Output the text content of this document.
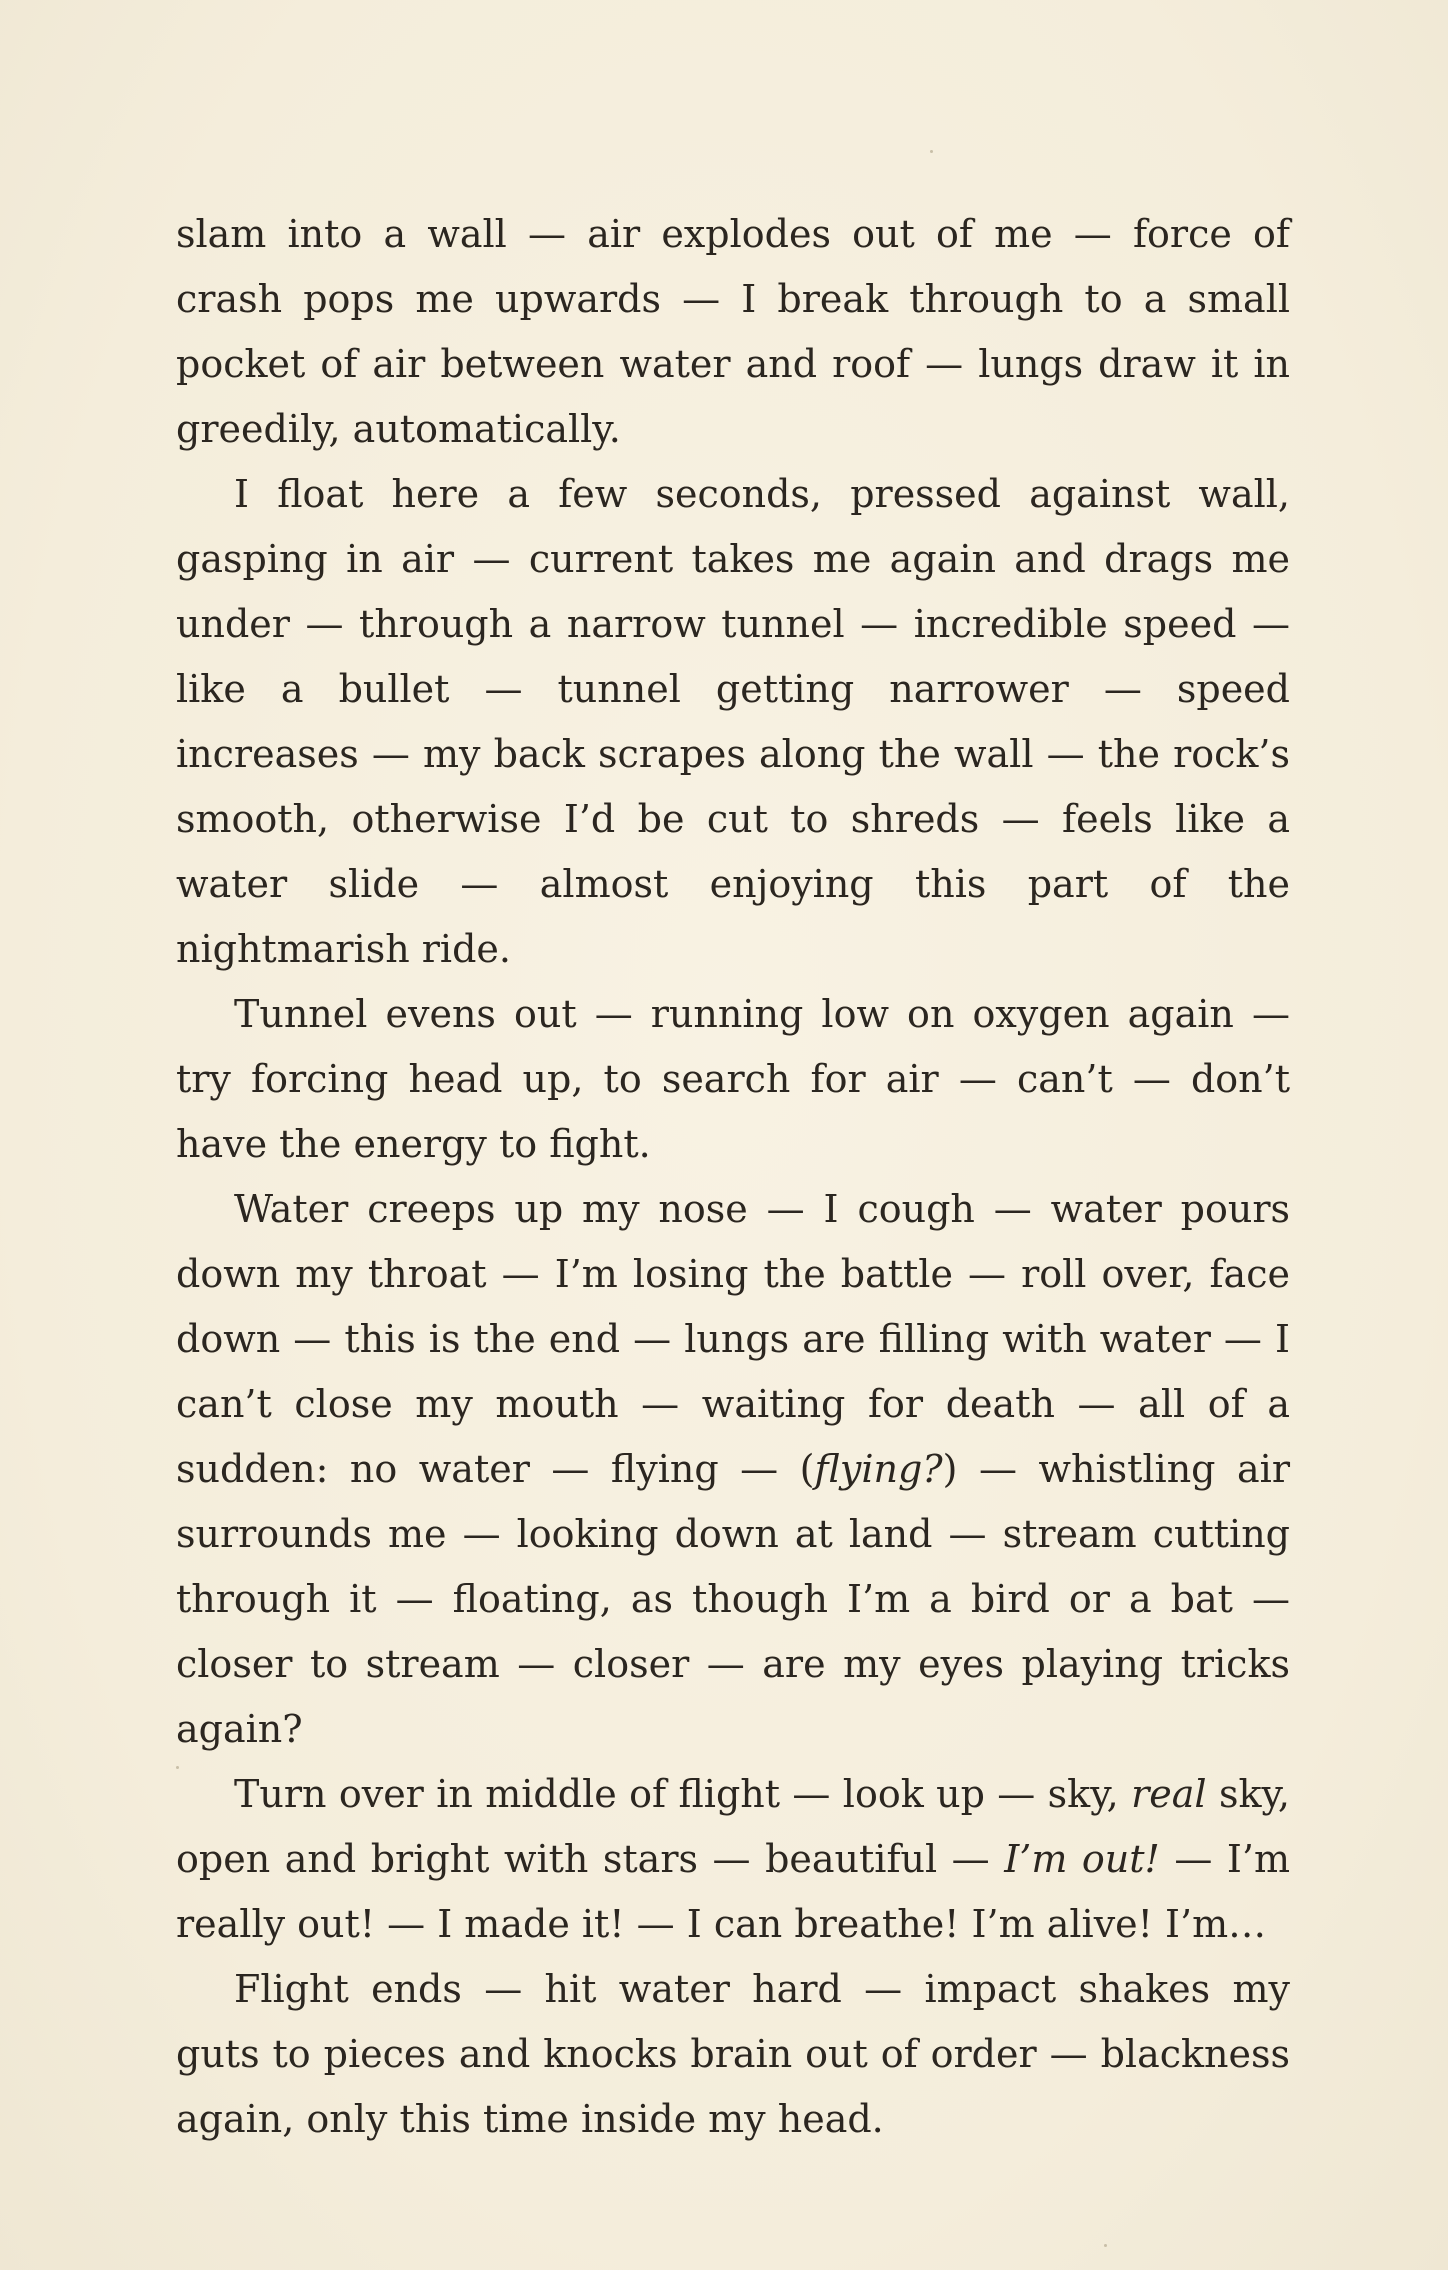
slam into a wall — air explodes out of me — force of crash pops me upwards — I break through to a small pocket of air between water and roof — lungs draw it in greedily, automatically.

I float here a few seconds, pressed against wall, gasping in air — current takes me again and drags me under — through a narrow tunnel — incredible speed — like a bullet — tunnel getting narrower — speed increases — my back scrapes along the wall — the rock’s smooth, otherwise I’d be cut to shreds — feels like a water slide — almost enjoying this part of the nightmarish ride.

Tunnel evens out — running low on oxygen again — try forcing head up, to search for air — can’t — don’t have the energy to fight.

Water creeps up my nose — I cough — water pours down my throat — I’m losing the battle — roll over, face down — this is the end — lungs are filling with water — I can’t close my mouth — waiting for death — all of a sudden: no water — flying — (flying?) — whistling air surrounds me — looking down at land — stream cutting through it — floating, as though I’m a bird or a bat — closer to stream — closer — are my eyes playing tricks again?

Turn over in middle of flight — look up — sky, real sky, open and bright with stars — beautiful — I’m out! — I’m really out! — I made it! — I can breathe! I’m alive! I’m…

Flight ends — hit water hard — impact shakes my guts to pieces and knocks brain out of order — blackness again, only this time inside my head.
